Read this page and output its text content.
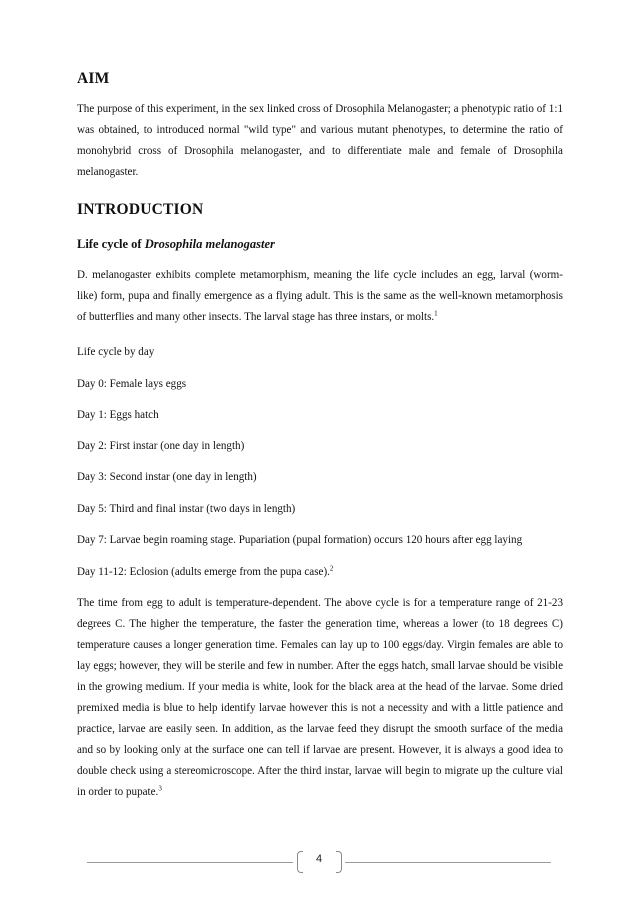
AIM

The purpose of this experiment, in the sex linked cross of Drosophila Melanogaster; a phenotypic ratio of 1:1 was obtained, to introduced normal "wild type" and various mutant phenotypes, to determine the ratio of monohybrid cross of Drosophila melanogaster, and to differentiate male and female of Drosophila melanogaster.

INTRODUCTION
Life cycle of Drosophila melanogaster

D. melanogaster exhibits complete metamorphism, meaning the life cycle includes an egg, larval (worm-like) form, pupa and finally emergence as a flying adult. This is the same as the well-known metamorphosis of butterflies and many other insects. The larval stage has three instars, or molts.$^1$

Life cycle by day
Day 0: Female lays eggs
Day 1: Eggs hatch
Day 2: First instar (one day in length)
Day 3: Second instar (one day in length)
Day 5: Third and final instar (two days in length)
Day 7: Larvae begin roaming stage. Pupariation (pupal formation) occurs 120 hours after egg laying
Day 11-12: Eclosion (adults emerge from the pupa case).$^2$

The time from egg to adult is temperature-dependent. The above cycle is for a temperature range of 21-23 degrees C. The higher the temperature, the faster the generation time, whereas a lower (to 18 degrees C) temperature causes a longer generation time. Females can lay up to 100 eggs/day. Virgin females are able to lay eggs; however, they will be sterile and few in number. After the eggs hatch, small larvae should be visible in the growing medium. If your media is white, look for the black area at the head of the larvae. Some dried premixed media is blue to help identify larvae however this is not a necessity and with a little patience and practice, larvae are easily seen. In addition, as the larvae feed they disrupt the smooth surface of the media and so by looking only at the surface one can tell if larvae are present. However, it is always a good idea to double check using a stereomicroscope. After the third instar, larvae will begin to migrate up the culture vial in order to pupate.$^3$

4
